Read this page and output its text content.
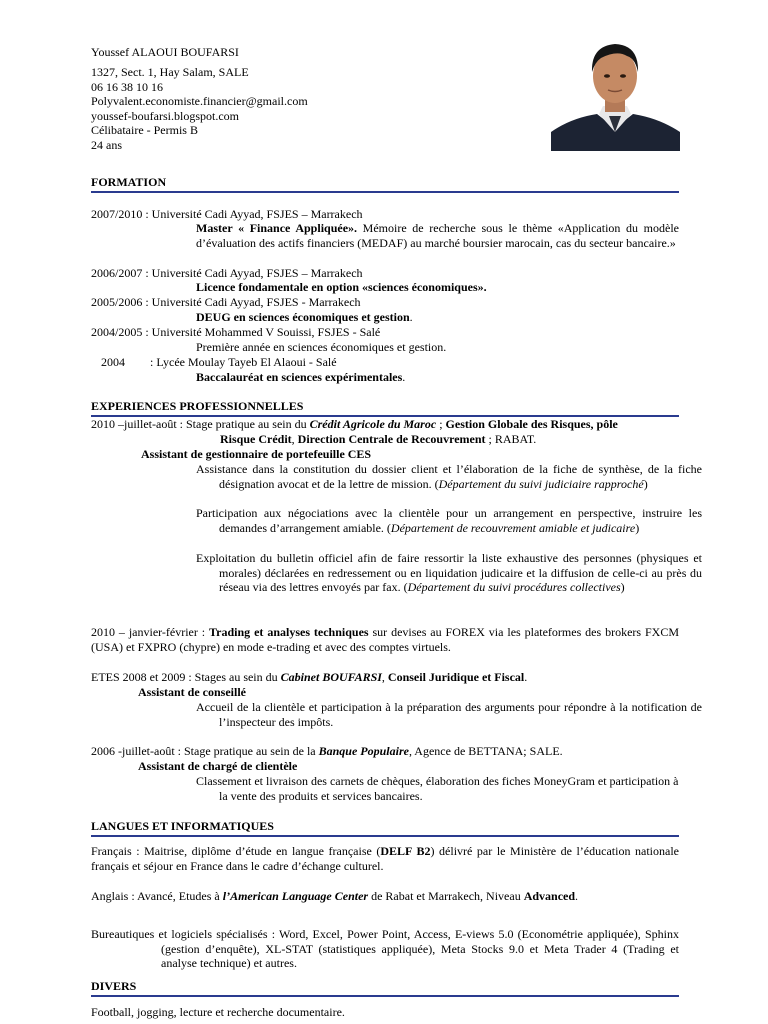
Youssef ALAOUI BOUFARSI
1327, Sect. 1, Hay Salam, SALE
06 16 38 10 16
Polyvalent.economiste.financier@gmail.com
youssef-boufarsi.blogspot.com
Célibataire - Permis B
24 ans
FORMATION
2007/2010 : Université Cadi Ayyad, FSJES – Marrakech
Master « Finance Appliquée». Mémoire de recherche sous le thème «Application du modèle d’évaluation des actifs financiers (MEDAF) au marché boursier marocain, cas du secteur bancaire.»
2006/2007 : Université Cadi Ayyad, FSJES – Marrakech
Licence fondamentale en option «sciences économiques».
2005/2006 : Université Cadi Ayyad, FSJES - Marrakech
DEUG en sciences économiques et gestion.
2004/2005 : Université Mohammed V Souissi, FSJES - Salé
Première année en sciences économiques et gestion.
2004 : Lycée Moulay Tayeb El Alaoui - Salé
Baccalauréat en sciences expérimentales.
EXPERIENCES PROFESSIONNELLES
2010 –juillet-août : Stage pratique au sein du Crédit Agricole du Maroc ; Gestion Globale des Risques, pôle
Risque Crédit, Direction Centrale de Recouvrement ; RABAT.
Assistant de gestionnaire de portefeuille CES
Assistance dans la constitution du dossier client et l’élaboration de la fiche de synthèse, de la fiche désignation avocat et de la lettre de mission. (Département du suivi judiciaire rapproché)
Participation aux négociations avec la clientèle pour un arrangement en perspective, instruire les demandes d’arrangement amiable. (Département de recouvrement amiable et judicaire)
Exploitation du bulletin officiel afin de faire ressortir la liste exhaustive des personnes (physiques et morales) déclarées en redressement ou en liquidation judicaire et la diffusion de celle-ci au près du réseau via des lettres envoyés par fax. (Département du suivi procédures collectives)
2010 – janvier-février : Trading et analyses techniques sur devises au FOREX via les plateformes des brokers FXCM (USA) et FXPRO (chypre) en mode e-trading et avec des comptes virtuels.
ETES 2008 et 2009 : Stages au sein du Cabinet BOUFARSI, Conseil Juridique et Fiscal.
Assistant de conseillé
Accueil de la clientèle et participation à la préparation des arguments pour répondre à la notification de l’inspecteur des impôts.
2006 -juillet-août : Stage pratique au sein de la Banque Populaire, Agence de BETTANA; SALE.
Assistant de chargé de clientèle
Classement et livraison des carnets de chèques, élaboration des fiches MoneyGram et participation à la vente des produits et services bancaires.
LANGUES ET INFORMATIQUES
Français : Maitrise, diplôme d’étude en langue française (DELF B2) délivré par le Ministère de l’éducation nationale français et séjour en France dans le cadre d’échange culturel.
Anglais : Avancé, Etudes à l’American Language Center de Rabat et Marrakech, Niveau Advanced.
Bureautiques et logiciels spécialisés : Word, Excel, Power Point, Access, E-views 5.0 (Econométrie appliquée), Sphinx (gestion d’enquête), XL-STAT (statistiques appliquée), Meta Stocks 9.0 et Meta Trader 4 (Trading et analyse technique) et autres.
DIVERS
Football, jogging, lecture et recherche documentaire.
